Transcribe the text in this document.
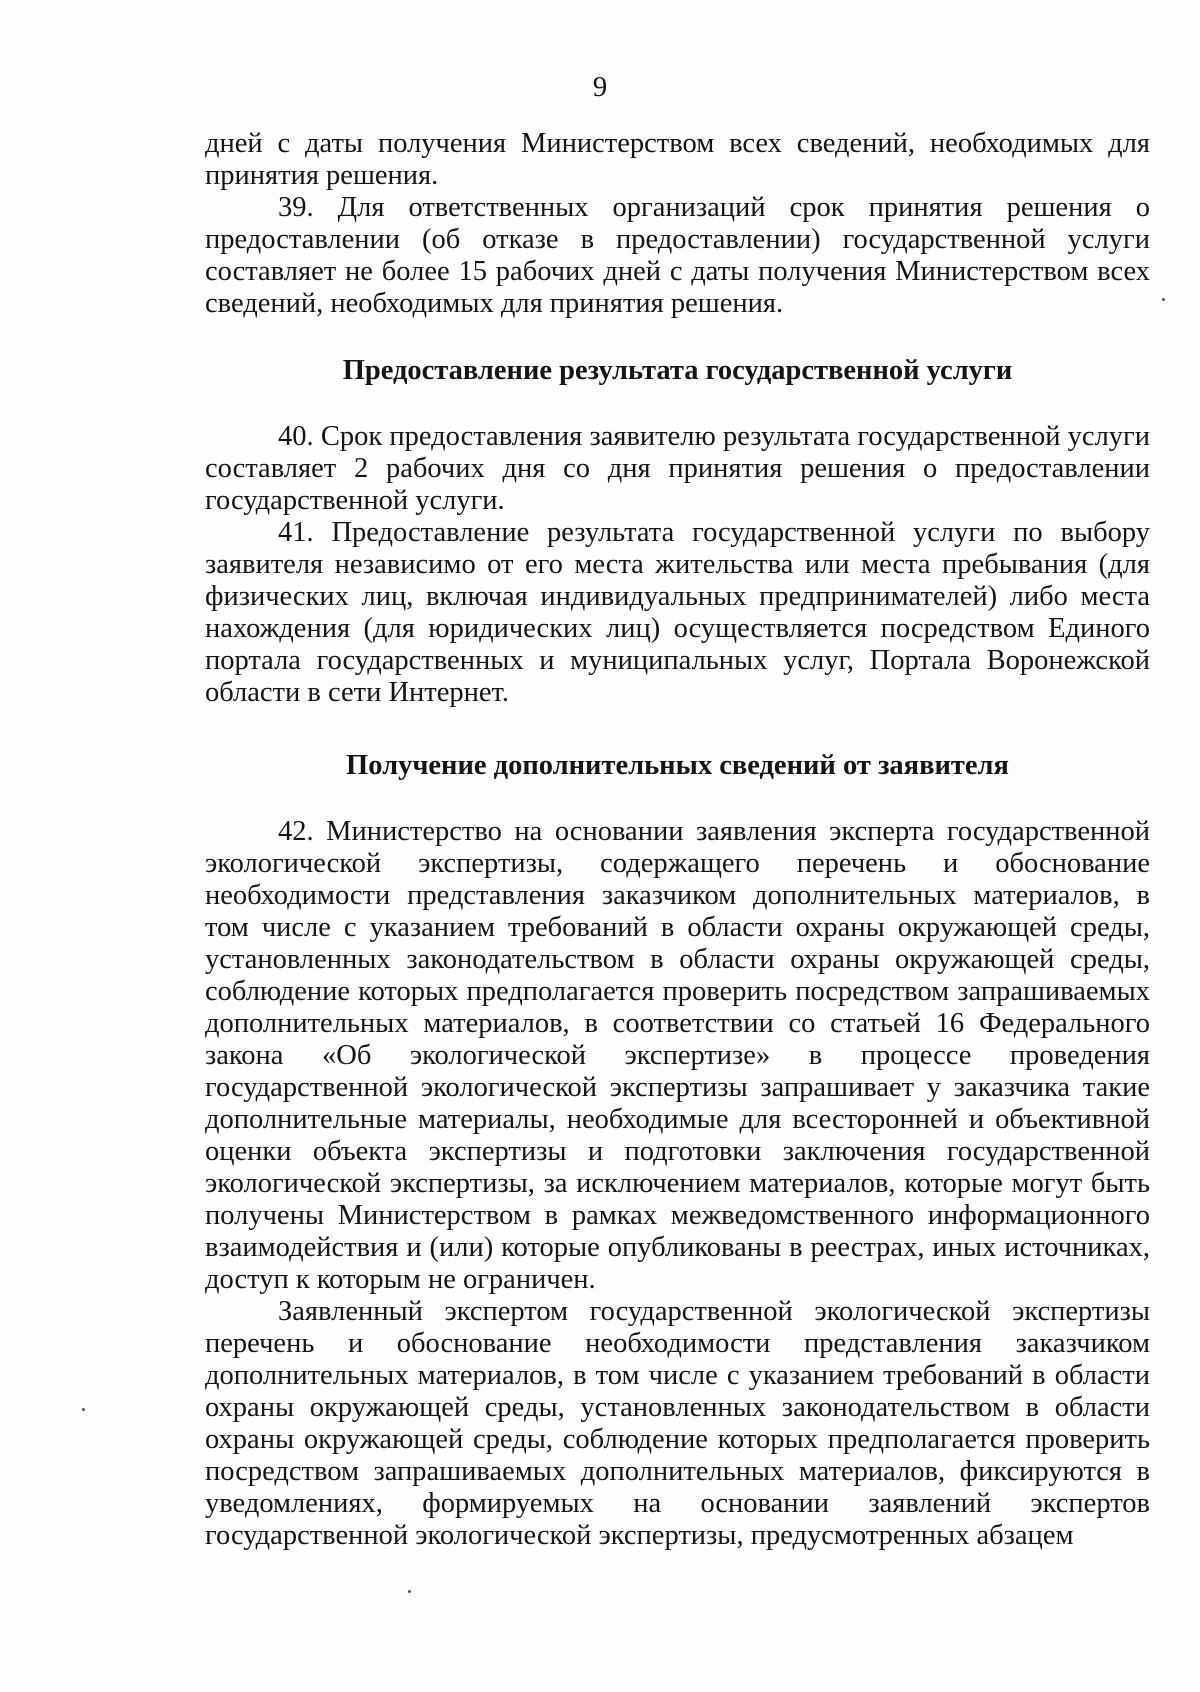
9

дней с даты получения Министерством всех сведений, необходимых для принятия решения.

39. Для ответственных организаций срок принятия решения о предоставлении (об отказе в предоставлении) государственной услуги составляет не более 15 рабочих дней с даты получения Министерством всех сведений, необходимых для принятия решения.

Предоставление результата государственной услуги

40. Срок предоставления заявителю результата государственной услуги составляет 2 рабочих дня со дня принятия решения о предоставлении государственной услуги.

41. Предоставление результата государственной услуги по выбору заявителя независимо от его места жительства или места пребывания (для физических лиц, включая индивидуальных предпринимателей) либо места нахождения (для юридических лиц) осуществляется посредством Единого портала государственных и муниципальных услуг, Портала Воронежской области в сети Интернет.

Получение дополнительных сведений от заявителя

42. Министерство на основании заявления эксперта государственной экологической экспертизы, содержащего перечень и обоснование необходимости представления заказчиком дополнительных материалов, в том числе с указанием требований в области охраны окружающей среды, установленных законодательством в области охраны окружающей среды, соблюдение которых предполагается проверить посредством запрашиваемых дополнительных материалов, в соответствии со статьей 16 Федерального закона «Об экологической экспертизе» в процессе проведения государственной экологической экспертизы запрашивает у заказчика такие дополнительные материалы, необходимые для всесторонней и объективной оценки объекта экспертизы и подготовки заключения государственной экологической экспертизы, за исключением материалов, которые могут быть получены Министерством в рамках межведомственного информационного взаимодействия и (или) которые опубликованы в реестрах, иных источниках, доступ к которым не ограничен.

Заявленный экспертом государственной экологической экспертизы перечень и обоснование необходимости представления заказчиком дополнительных материалов, в том числе с указанием требований в области охраны окружающей среды, установленных законодательством в области охраны окружающей среды, соблюдение которых предполагается проверить посредством запрашиваемых дополнительных материалов, фиксируются в уведомлениях, формируемых на основании заявлений экспертов государственной экологической экспертизы, предусмотренных абзацем
